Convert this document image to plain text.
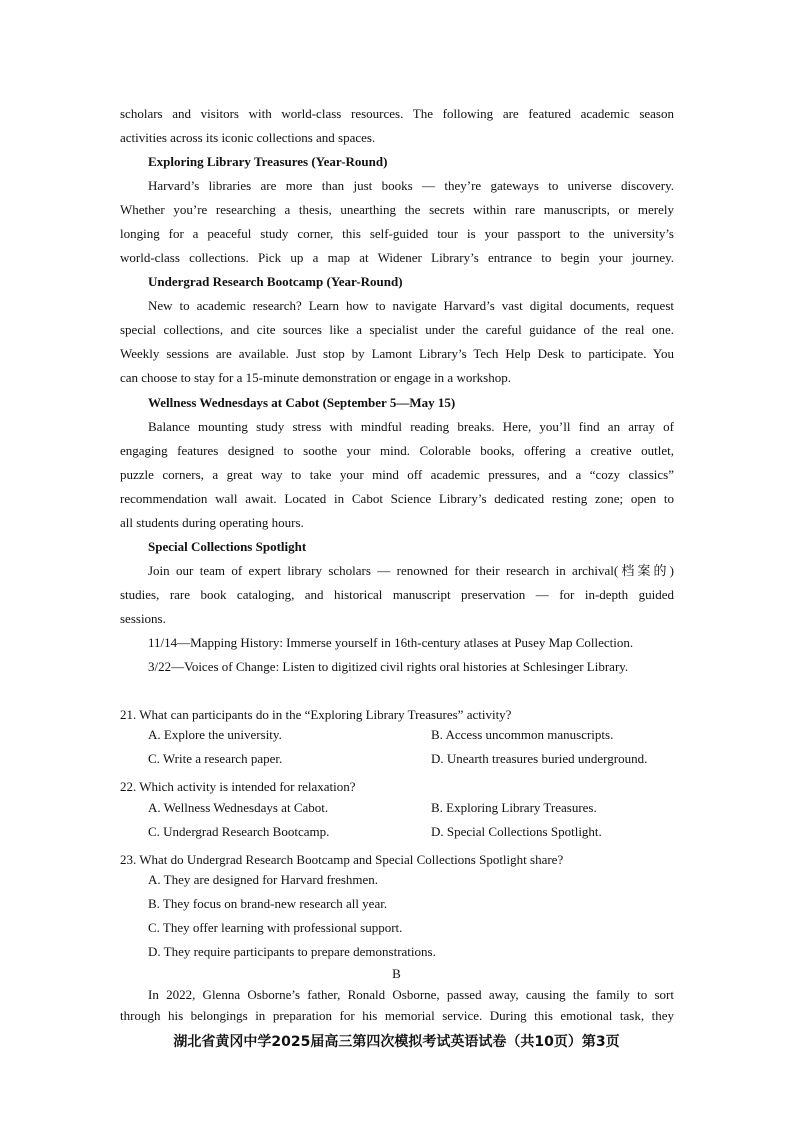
scholars and visitors with world-class resources. The following are featured academic season
activities across its iconic collections and spaces.
Exploring Library Treasures (Year-Round)
Harvard’s libraries are more than just books — they’re gateways to universe discovery.
Whether you’re researching a thesis, unearthing the secrets within rare manuscripts, or merely
longing for a peaceful study corner, this self-guided tour is your passport to the university’s
world-class collections. Pick up a map at Widener Library’s entrance to begin your journey.
Undergrad Research Bootcamp (Year-Round)
New to academic research? Learn how to navigate Harvard’s vast digital documents, request
special collections, and cite sources like a specialist under the careful guidance of the real one.
Weekly sessions are available. Just stop by Lamont Library’s Tech Help Desk to participate. You
can choose to stay for a 15-minute demonstration or engage in a workshop.
Wellness Wednesdays at Cabot (September 5—May 15)
Balance mounting study stress with mindful reading breaks. Here, you’ll find an array of
engaging features designed to soothe your mind. Colorable books, offering a creative outlet,
puzzle corners, a great way to take your mind off academic pressures, and a “cozy classics”
recommendation wall await. Located in Cabot Science Library’s dedicated resting zone; open to
all students during operating hours.
Special Collections Spotlight
Join our team of expert library scholars — renowned for their research in archival(档案的)
studies, rare book cataloging, and historical manuscript preservation — for in-depth guided
sessions.
11/14—Mapping History: Immerse yourself in 16th-century atlases at Pusey Map Collection.
3/22—Voices of Change: Listen to digitized civil rights oral histories at Schlesinger Library.
21. What can participants do in the “Exploring Library Treasures” activity?
A. Explore the university.	B. Access uncommon manuscripts.
C. Write a research paper.	D. Unearth treasures buried underground.
22. Which activity is intended for relaxation?
A. Wellness Wednesdays at Cabot.	B. Exploring Library Treasures.
C. Undergrad Research Bootcamp.	D. Special Collections Spotlight.
23. What do Undergrad Research Bootcamp and Special Collections Spotlight share?
A. They are designed for Harvard freshmen.
B. They focus on brand-new research all year.
C. They offer learning with professional support.
D. They require participants to prepare demonstrations.
B
In 2022, Glenna Osborne’s father, Ronald Osborne, passed away, causing the family to sort
through his belongings in preparation for his memorial service. During this emotional task, they
湖北省黄冈中学2025届高三第四次模拟考试英语试卷（共10页）第3页
